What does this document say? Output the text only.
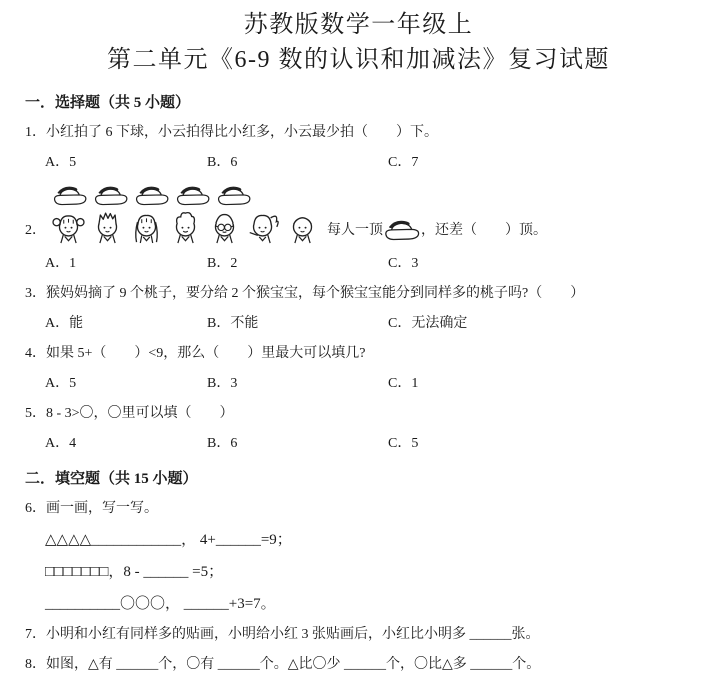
苏教版数学一年级上
第二单元《6-9 数的认识和加减法》复习试题
一．选择题（共 5 小题）
1．小红拍了 6 下球，小云拍得比小红多，小云最少拍（　　）下。
A．5	B．6	C．7
2．	每人一顶	，还差（　　）顶。
A．1	B．2	C．3
3．猴妈妈摘了 9 个桃子，要分给 2 个猴宝宝，每个猴宝宝能分到同样多的桃子吗?（　　）
A．能	B．不能	C．无法确定
4．如果 5+（　　）<9，那么（　　）里最大可以填几?
A．5	B．3	C．1
5．8 - 3>〇，〇里可以填（　　）
A．4	B．6	C．5
二．填空题（共 15 小题）
6．画一画，写一写。
△△△△____________， 4+______=9；
□□□□□□□，8 - ______ =5；
__________〇〇〇， ______+3=7。
7．小明和小红有同样多的贴画，小明给小红 3 张贴画后，小红比小明多 ______张。
8．如图，△有 ______个，〇有 ______个。△比〇少 ______个，〇比△多 ______个。
